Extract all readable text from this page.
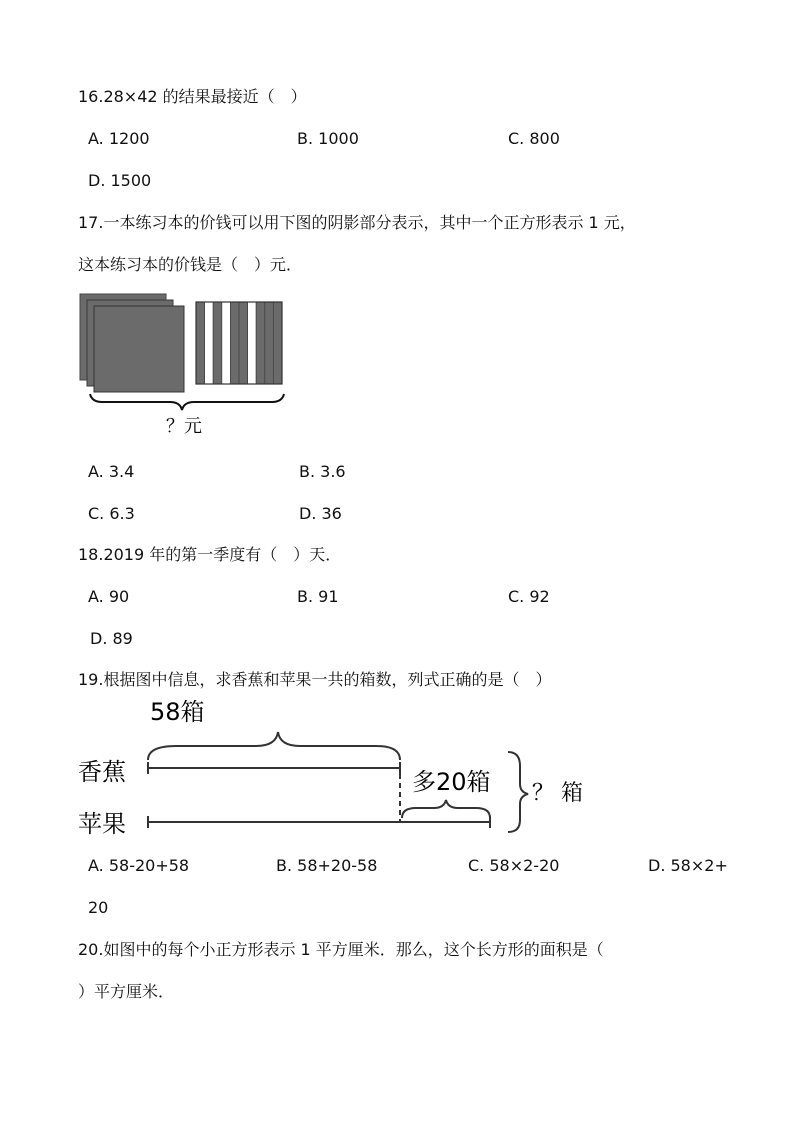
16.28×42 的结果最接近（　）
A. 1200	B. 1000	C. 800
D. 1500
17.一本练习本的价钱可以用下图的阴影部分表示，其中一个正方形表示 1 元，
这本练习本的价钱是（　）元．
？元
A. 3.4	B. 3.6
C. 6.3	D. 36
18.2019 年的第一季度有（　）天．
A. 90	B. 91	C. 92
D. 89
19.根据图中信息，求香蕉和苹果一共的箱数，列式正确的是（　）
58箱
香蕉
苹果
多20箱 ？ 箱
A. 58-20+58	B. 58+20-58	C. 58×2-20	D. 58×2+
20
20.如图中的每个小正方形表示 1 平方厘米．那么，这个长方形的面积是（
）平方厘米．
